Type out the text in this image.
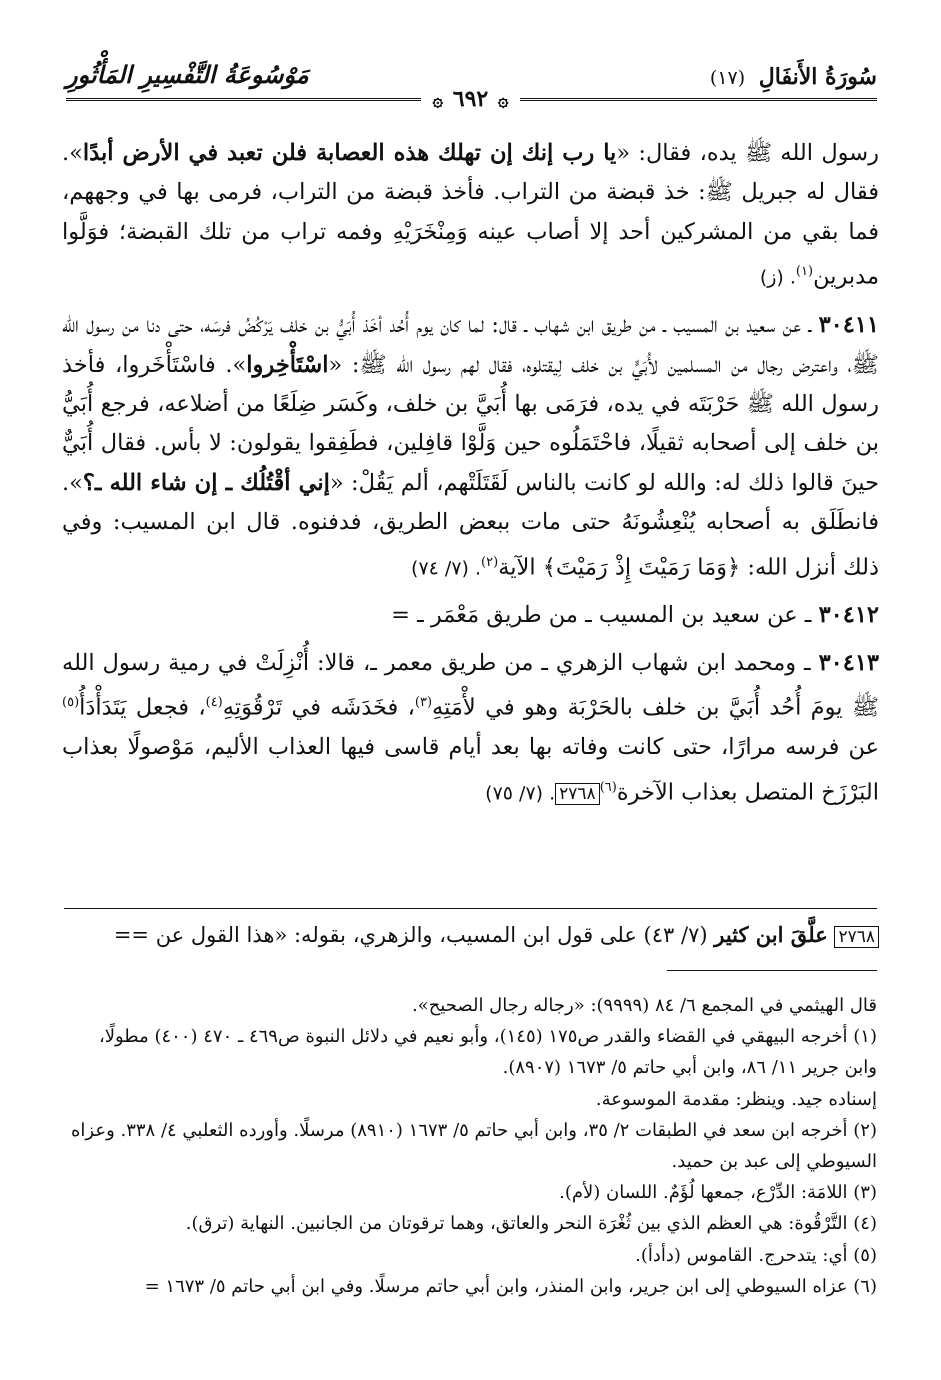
سُورَةُ الأَنفَالِ (١٧)
مَوْسُوعَةُ التَّفْسِيرِ المَأْثُورِ
۞ ٦٩٢ ۞

رسول الله ﷺ يده، فقال: «يا رب إنك إن تهلك هذه العصابة فلن تعبد في الأرض أبدًا». فقال له جبريل ﷺ: خذ قبضة من التراب. فأخذ قبضة من التراب، فرمى بها في وجههم، فما بقي من المشركين أحد إلا أصاب عينه وَمِنْخَرَيْهِ وفمه تراب من تلك القبضة؛ فوَلَّوا مدبرين$^{(١)}$. (ز)

٣٠٤١١ ـ عن سعيد بن المسيب ـ من طريق ابن شهاب ـ قال: لما كان يوم أُحُد أخَذ أُبَيُّ بن خلف يَرْكُضُ فرسَه، حتى دنا من رسول الله ﷺ، واعترض رجال من المسلمين لأُبَيٍّ بن خلف لِيقتلوه، فقال لهم رسول الله ﷺ: «اسْتَأْخِروا». فاسْتَأْخَروا، فأخذ رسول الله ﷺ حَرْبَتَه في يده، فرَمَى بها أُبَيَّ بن خلف، وكَسَر ضِلَعًا من أضلاعه، فرجع أُبَيُّ بن خلف إلى أصحابه ثقيلًا، فاحْتَمَلُوه حين وَلَّوْا قافِلين، فطَفِقوا يقولون: لا بأس. فقال أُبَيٌّ حينَ قالوا ذلك له: والله لو كانت بالناس لَقَتَلَتْهم، ألم يَقُلْ: «إني أقْتُلُك ـ إن شاء الله ـ؟». فانطَلَق به أصحابه يُنْعِشُونَهُ حتى مات ببعض الطريق، فدفنوه. قال ابن المسيب: وفي ذلك أنزل الله: ﴿وَمَا رَمَيْتَ إِذْ رَمَيْتَ﴾ الآية$^{(٢)}$. (٧/ ٧٤)

٣٠٤١٢ ـ عن سعيد بن المسيب ـ من طريق مَعْمَر ـ =

٣٠٤١٣ ـ ومحمد ابن شهاب الزهري ـ من طريق معمر ـ، قالا: أُنْزِلَتْ في رمية رسول الله ﷺ يومَ أُحُد أُبَيَّ بن خلف بالحَرْبَة وهو في لأْمَتِهِ$^{(٣)}$، فخَدَشَه في تَرْقُوَتِهِ$^{(٤)}$، فجعل يَتَدَأْدَأُ$^{(٥)}$ عن فرسه مرارًا، حتى كانت وفاته بها بعد أيام قاسى فيها العذاب الأليم، مَوْصولًا بعذاب البَرْزَخ المتصل بعذاب الآخرة$^{(٦)}$٢٧٦٨. (٧/ ٧٥)

٢٧٦٨ علَّقَ ابن كثير (٧/ ٤٣) على قول ابن المسيب، والزهري، بقوله: «هذا القول عن ==
قال الهيثمي في المجمع ٦/ ٨٤ (٩٩٩٩): «رجاله رجال الصحيح».
(١) أخرجه البيهقي في القضاء والقدر ص١٧٥ (١٤٥)، وأبو نعيم في دلائل النبوة ص٤٦٩ ـ ٤٧٠ (٤٠٠) مطولًا، وابن جرير ١١/ ٨٦، وابن أبي حاتم ٥/ ١٦٧٣ (٨٩٠٧).
إسناده جيد. وينظر: مقدمة الموسوعة.
(٢) أخرجه ابن سعد في الطبقات ٢/ ٣٥، وابن أبي حاتم ٥/ ١٦٧٣ (٨٩١٠) مرسلًا. وأورده الثعلبي ٤/ ٣٣٨. وعزاه السيوطي إلى عبد بن حميد.
(٣) اللامَة: الدِّرْع، جمعها لُؤَمٌ. اللسان (لأم).
(٤) التَّرْقُوة: هي العظم الذي بين ثُغْرَة النحر والعاتق، وهما ترقوتان من الجانبين. النهاية (ترق).
(٥) أي: يتدحرج. القاموس (دأدأ).
(٦) عزاه السيوطي إلى ابن جرير، وابن المنذر، وابن أبي حاتم مرسلًا. وفي ابن أبي حاتم ٥/ ١٦٧٣ =
